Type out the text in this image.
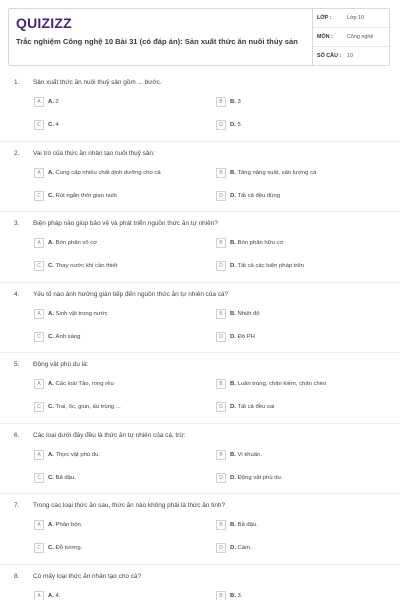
QUIZIZZ
Trắc nghiệm Công nghệ 10 Bài 31 (có đáp án): Sản xuất thức ăn nuôi thủy sản
LỚP :	Lớp 10
MÔN :	Công nghệ
SỐ CÂU : 10
1. Sản xuất thức ăn nuôi thuỷ sản gồm ... bước.
A A. 2	B B. 3
C C. 4	D D. 5
2. Vai trò của thức ăn nhân tạo nuôi thuỷ sản:
A A. Cung cấp nhiều chất dinh dưỡng cho cá	B B. Tăng năng suất, sản lượng cá
C C. Rút ngắn thời gian nuôi	D D. Tất cả đều đúng
3. Biện pháp nào giúp bảo vệ và phát triển nguồn thức ăn tự nhiên?
A A. Bón phân vô cơ	B B. Bón phân hữu cơ
C C. Thay nước khi cần thiết	D D. Tất cả các biện pháp trên
4. Yếu tố nào ảnh hưởng gián tiếp đến nguồn thức ăn tự nhiên của cá?
A A. Sinh vật trong nước	B B. Nhiệt độ
C C. Ánh sáng	D D. Độ PH
5. Động vật phù du là:
A A. Các loài Tảo, rong rêu	B B. Luân trùng, chân kiếm, chân chèo
C C. Trai, ốc, giun, ấu trùng ...	D D. Tất cả đều sai
6. Các loại dưới đây đều là thức ăn tự nhiên của cá, trừ:
A A. Thực vật phù du.	B B. Vi khuẩn.
C C. Bã đậu.	D D. Động vật phù du.
7. Trong các loại thức ăn sau, thức ăn nào không phải là thức ăn tinh?
A A. Phân bón.	B B. Bã đậu.
C C. Đỗ tương.	D D. Cám.
8. Có mấy loại thức ăn nhân tạo cho cá?
A A. 4.	B B. 3.
